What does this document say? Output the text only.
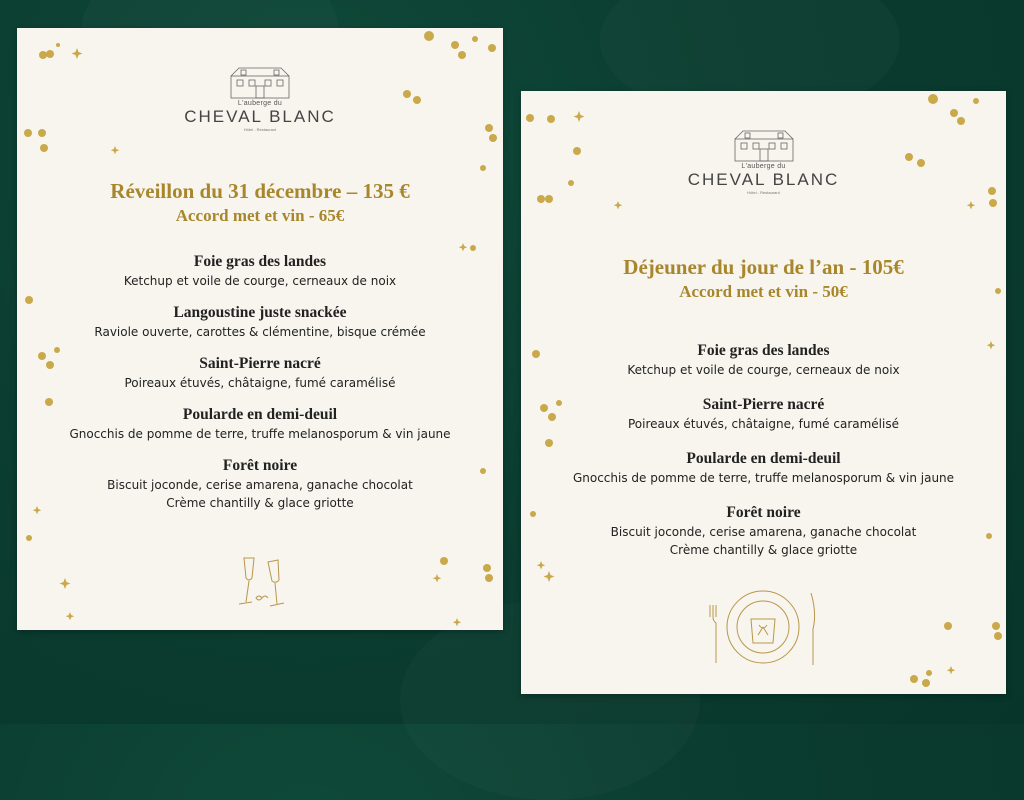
L'auberge du
CHEVAL BLANC
Hôtel - Restaurant
Réveillon du 31 décembre – 135 €
Accord met et vin - 65€
Foie gras des landes
Ketchup et voile de courge, cerneaux de noix
Langoustine juste snackée
Raviole ouverte, carottes & clémentine, bisque crémée
Saint-Pierre nacré
Poireaux étuvés, châtaigne, fumé caramélisé
Poularde en demi-deuil
Gnocchis de pomme de terre, truffe melanosporum & vin jaune
Forêt noire
Biscuit joconde, cerise amarena, ganache chocolat
Crème chantilly & glace griotte
L'auberge du
CHEVAL BLANC
Hôtel - Restaurant
Déjeuner du jour de l’an - 105€
Accord met et vin - 50€
Foie gras des landes
Ketchup et voile de courge, cerneaux de noix
Saint-Pierre nacré
Poireaux étuvés, châtaigne, fumé caramélisé
Poularde en demi-deuil
Gnocchis de pomme de terre, truffe melanosporum & vin jaune
Forêt noire
Biscuit joconde, cerise amarena, ganache chocolat
Crème chantilly & glace griotte
